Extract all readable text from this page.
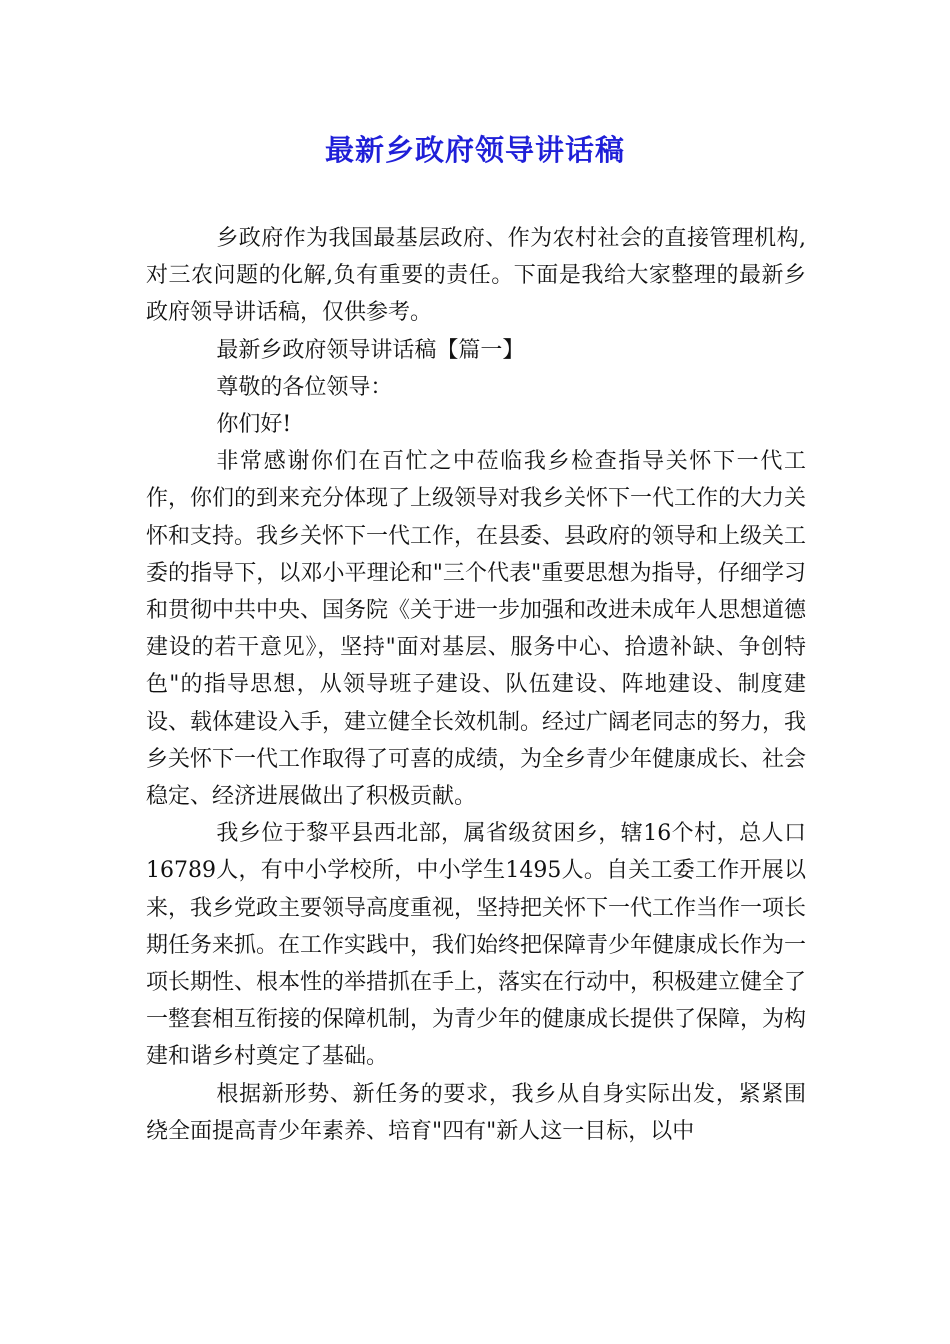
最新乡政府领导讲话稿

乡政府作为我国最基层政府、作为农村社会的直接管理机构,对三农问题的化解,负有重要的责任。下面是我给大家整理的最新乡政府领导讲话稿，仅供参考。

最新乡政府领导讲话稿【篇一】

尊敬的各位领导：

你们好!

非常感谢你们在百忙之中莅临我乡检查指导关怀下一代工作，你们的到来充分体现了上级领导对我乡关怀下一代工作的大力关怀和支持。我乡关怀下一代工作，在县委、县政府的领导和上级关工委的指导下，以邓小平理论和"三个代表"重要思想为指导，仔细学习和贯彻中共中央、国务院《关于进一步加强和改进未成年人思想道德建设的若干意见》，坚持"面对基层、服务中心、拾遗补缺、争创特色"的指导思想，从领导班子建设、队伍建设、阵地建设、制度建设、载体建设入手，建立健全长效机制。经过广阔老同志的努力，我乡关怀下一代工作取得了可喜的成绩，为全乡青少年健康成长、社会稳定、经济进展做出了积极贡献。

我乡位于黎平县西北部，属省级贫困乡，辖16个村，总人口16789人，有中小学校所，中小学生1495人。自关工委工作开展以来，我乡党政主要领导高度重视，坚持把关怀下一代工作当作一项长期任务来抓。在工作实践中，我们始终把保障青少年健康成长作为一项长期性、根本性的举措抓在手上，落实在行动中，积极建立健全了一整套相互衔接的保障机制，为青少年的健康成长提供了保障，为构建和谐乡村奠定了基础。

根据新形势、新任务的要求，我乡从自身实际出发，紧紧围绕全面提高青少年素养、培育"四有"新人这一目标，以中
